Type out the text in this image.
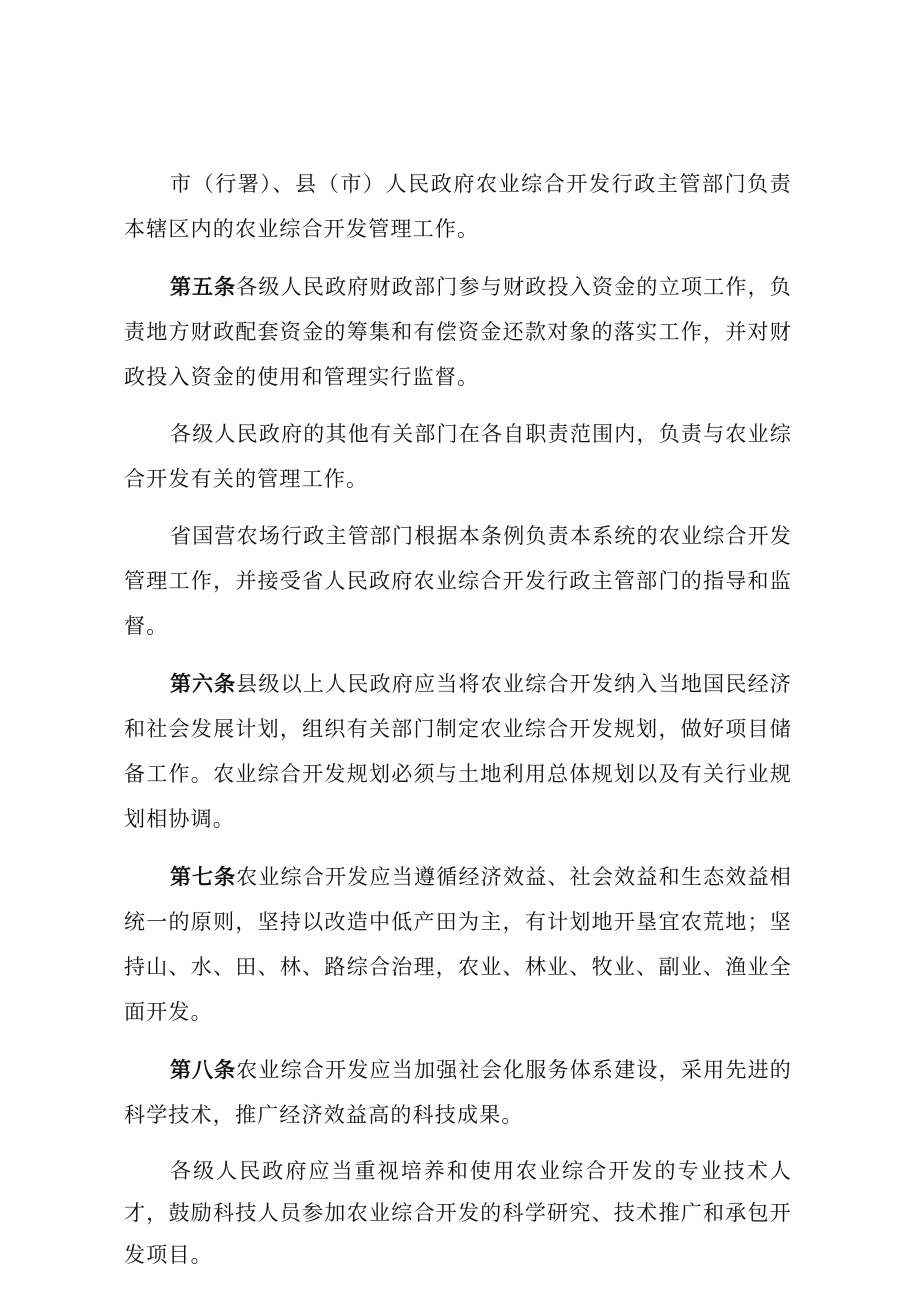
市（行署）、县（市）人民政府农业综合开发行政主管部门负责本辖区内的农业综合开发管理工作。

第五条各级人民政府财政部门参与财政投入资金的立项工作，负责地方财政配套资金的筹集和有偿资金还款对象的落实工作，并对财政投入资金的使用和管理实行监督。

各级人民政府的其他有关部门在各自职责范围内，负责与农业综合开发有关的管理工作。

省国营农场行政主管部门根据本条例负责本系统的农业综合开发管理工作，并接受省人民政府农业综合开发行政主管部门的指导和监督。

第六条县级以上人民政府应当将农业综合开发纳入当地国民经济和社会发展计划，组织有关部门制定农业综合开发规划，做好项目储备工作。农业综合开发规划必须与土地利用总体规划以及有关行业规划相协调。

第七条农业综合开发应当遵循经济效益、社会效益和生态效益相统一的原则，坚持以改造中低产田为主，有计划地开垦宜农荒地；坚持山、水、田、林、路综合治理，农业、林业、牧业、副业、渔业全面开发。

第八条农业综合开发应当加强社会化服务体系建设，采用先进的科学技术，推广经济效益高的科技成果。

各级人民政府应当重视培养和使用农业综合开发的专业技术人才，鼓励科技人员参加农业综合开发的科学研究、技术推广和承包开发项目。
